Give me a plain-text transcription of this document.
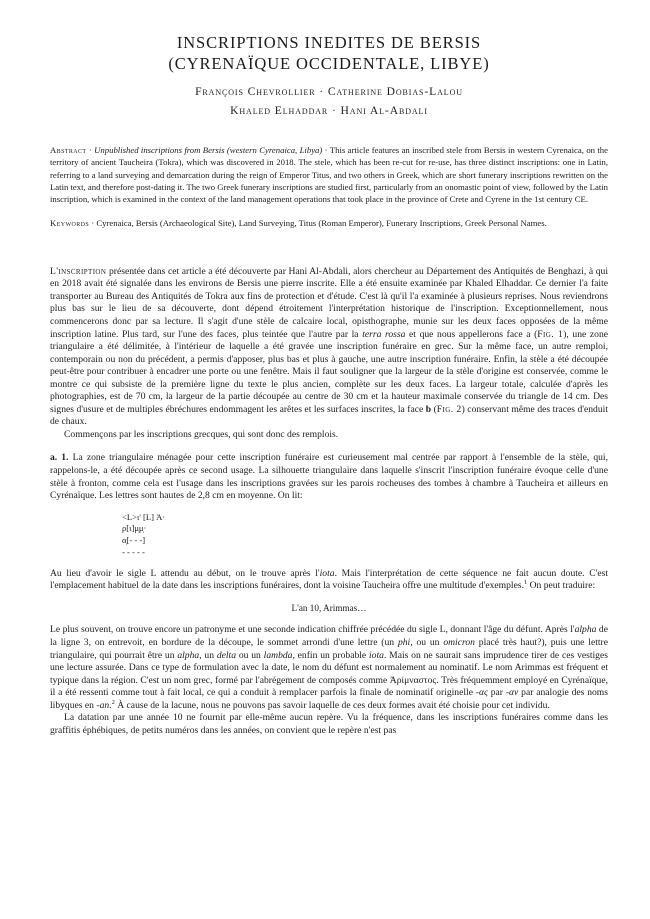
INSCRIPTIONS INEDITES DE BERSIS
(CYRENAÏQUE OCCIDENTALE, LIBYE)
François Chevrollier · Catherine Dobias-Lalou
Khaled Elhaddar · Hani Al-Abdali
Abstract · Unpublished inscriptions from Bersis (western Cyrenaica, Libya) · This article features an inscribed stele from Bersis in western Cyrenaica, on the territory of ancient Taucheira (Tokra), which was discovered in 2018. The stele, which has been re-cut for re-use, has three distinct inscriptions: one in Latin, referring to a land surveying and demarcation during the reign of Emperor Titus, and two others in Greek, which are short funerary inscriptions rewritten on the Latin text, and therefore post-dating it. The two Greek funerary inscriptions are studied first, particularly from an onomastic point of view, followed by the Latin inscription, which is examined in the context of the land management operations that took place in the province of Crete and Cyrene in the 1st century CE.
Keywords · Cyrenaica, Bersis (Archaeological Site), Land Surveying, Titus (Roman Emperor), Funerary Inscriptions, Greek Personal Names.

L'inscription présentée dans cet article a été découverte par Hani Al-Abdali, alors chercheur au Département des Antiquités de Benghazi, à qui en 2018 avait été signalée dans les environs de Bersis une pierre inscrite. Elle a été ensuite examinée par Khaled Elhaddar. Ce dernier l'a faite transporter au Bureau des Antiquités de Tokra aux fins de protection et d'étude. C'est là qu'il l'a examinée à plusieurs reprises. Nous reviendrons plus bas sur le lieu de sa découverte, dont dépend étroitement l'interprétation historique de l'inscription. Exceptionnellement, nous commencerons donc par sa lecture. Il s'agit d'une stèle de calcaire local, opisthographe, munie sur les deux faces opposées de la même inscription latine. Plus tard, sur l'une des faces, plus teintée que l'autre par la terra rossa et que nous appellerons face a (Fig. 1), une zone triangulaire a été délimitée, à l'intérieur de laquelle a été gravée une inscription funéraire en grec. Sur la même face, un autre remploi, contemporain ou non du précédent, a permis d'apposer, plus bas et plus à gauche, une autre inscription funéraire. Enfin, la stèle a été découpée peut-être pour contribuer à encadrer une porte ou une fenêtre. Mais il faut souligner que la largeur de la stèle d'origine est conservée, comme le montre ce qui subsiste de la première ligne du texte le plus ancien, complète sur les deux faces. La largeur totale, calculée d'après les photographies, est de 70 cm, la largeur de la partie découpée au centre de 30 cm et la hauteur maximale conservée du triangle de 14 cm. Des signes d'usure et de multiples ébréchures endommagent les arêtes et les surfaces inscrites, la face b (Fig. 2) conservant même des traces d'enduit de chaux.

Commençons par les inscriptions grecques, qui sont donc des remplois.

a. 1. La zone triangulaire ménagée pour cette inscription funéraire est curieusement mal centrée par rapport à l'ensemble de la stèle, qui, rappelons-le, a été découpée après ce second usage. La silhouette triangulaire dans laquelle s'inscrit l'inscription funéraire évoque celle d'une stèle à fronton, comme cela est l'usage dans les inscriptions gravées sur les parois rocheuses des tombes à chambre à Taucheira et ailleurs en Cyrénaïque. Les lettres sont hautes de 2,8 cm en moyenne. On lit:

<L>ι' [L] Ἀ·
ρ[ι]μ̣μ̣·
α̣[- - -]
- - - - -

Au lieu d'avoir le sigle L attendu au début, on le trouve après l'iota. Mais l'interprétation de cette séquence ne fait aucun doute. C'est l'emplacement habituel de la date dans les inscriptions funéraires, dont la voisine Taucheira offre une multitude d'exemples.$^1$ On peut traduire:

L'an 10, Arimmas…

Le plus souvent, on trouve encore un patronyme et une seconde indication chiffrée précédée du sigle L, donnant l'âge du défunt. Après l'alpha de la ligne 3, on entrevoit, en bordure de la découpe, le sommet arrondi d'une lettre (un phi, ou un omicron placé très haut?), puis une lettre triangulaire, qui pourrait être un alpha, un delta ou un lambda, enfin un probable iota. Mais on ne saurait sans imprudence tirer de ces vestiges une lecture assurée. Dans ce type de formulation avec la date, le nom du défunt est normalement au nominatif. Le nom Arimmas est fréquent et typique dans la région. C'est un nom grec, formé par l'abrégement de composés comme Ἀρίμναστος. Très fréquemment employé en Cyrénaïque, il a été ressenti comme tout à fait local, ce qui a conduit à remplacer parfois la finale de nominatif originelle -ας par -αν par analogie des noms libyques en -an.$^2$ À cause de la lacune, nous ne pouvons pas savoir laquelle de ces deux formes avait été choisie pour cet individu.

La datation par une année 10 ne fournit par elle-même aucun repère. Vu la fréquence, dans les inscriptions funéraires comme dans les graffitis éphébiques, de petits numéros dans les années, on convient que le repère n'est pas
